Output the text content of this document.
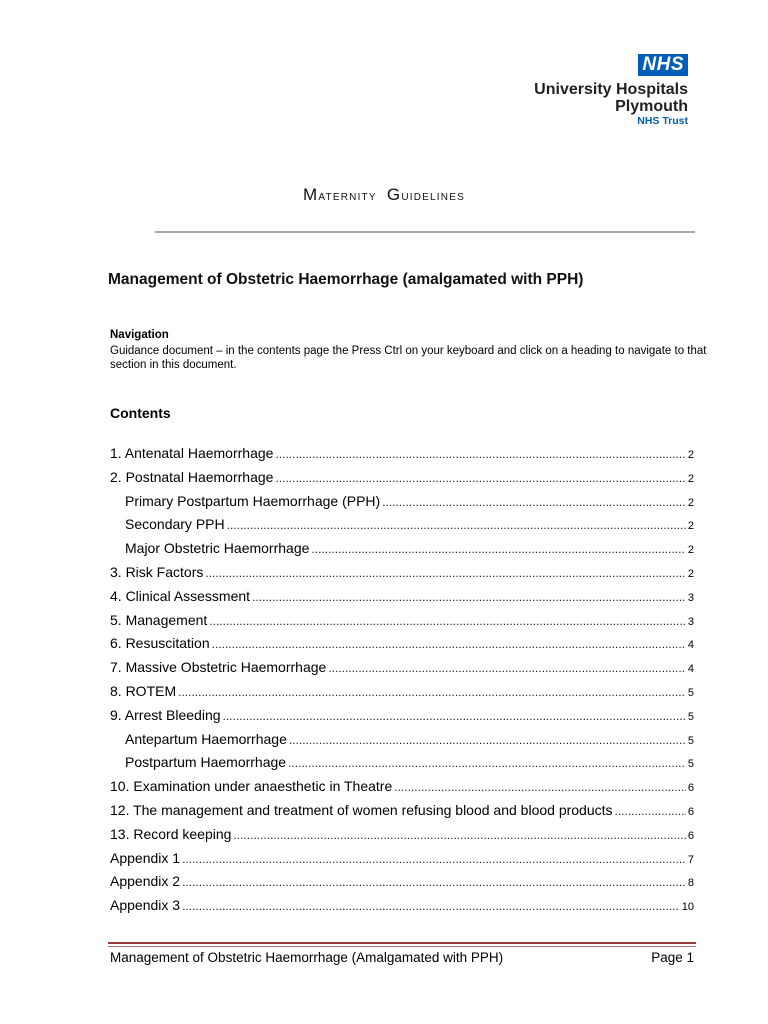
NHS
University Hospitals
Plymouth
NHS Trust
Maternity Guidelines
Management of Obstetric Haemorrhage (amalgamated with PPH)
Navigation
Guidance document – in the contents page the Press Ctrl on your keyboard and click on a heading to navigate to that section in this document.
Contents
1. Antenatal Haemorrhage .....	2
2. Postnatal Haemorrhage .....	2
Primary Postpartum Haemorrhage (PPH) .....	2
Secondary PPH .....	2
Major Obstetric Haemorrhage .....	2
3. Risk Factors .....	2
4. Clinical Assessment .....	3
5. Management .....	3
6. Resuscitation .....	4
7. Massive Obstetric Haemorrhage .....	4
8. ROTEM .....	5
9. Arrest Bleeding .....	5
Antepartum Haemorrhage .....	5
Postpartum Haemorrhage .....	5
10. Examination under anaesthetic in Theatre .....	6
12. The management and treatment of women refusing blood and blood products .....	6
13. Record keeping .....	6
Appendix 1 .....	7
Appendix 2 .....	8
Appendix 3 .....	10
Management of Obstetric Haemorrhage (Amalgamated with PPH)	Page 1
